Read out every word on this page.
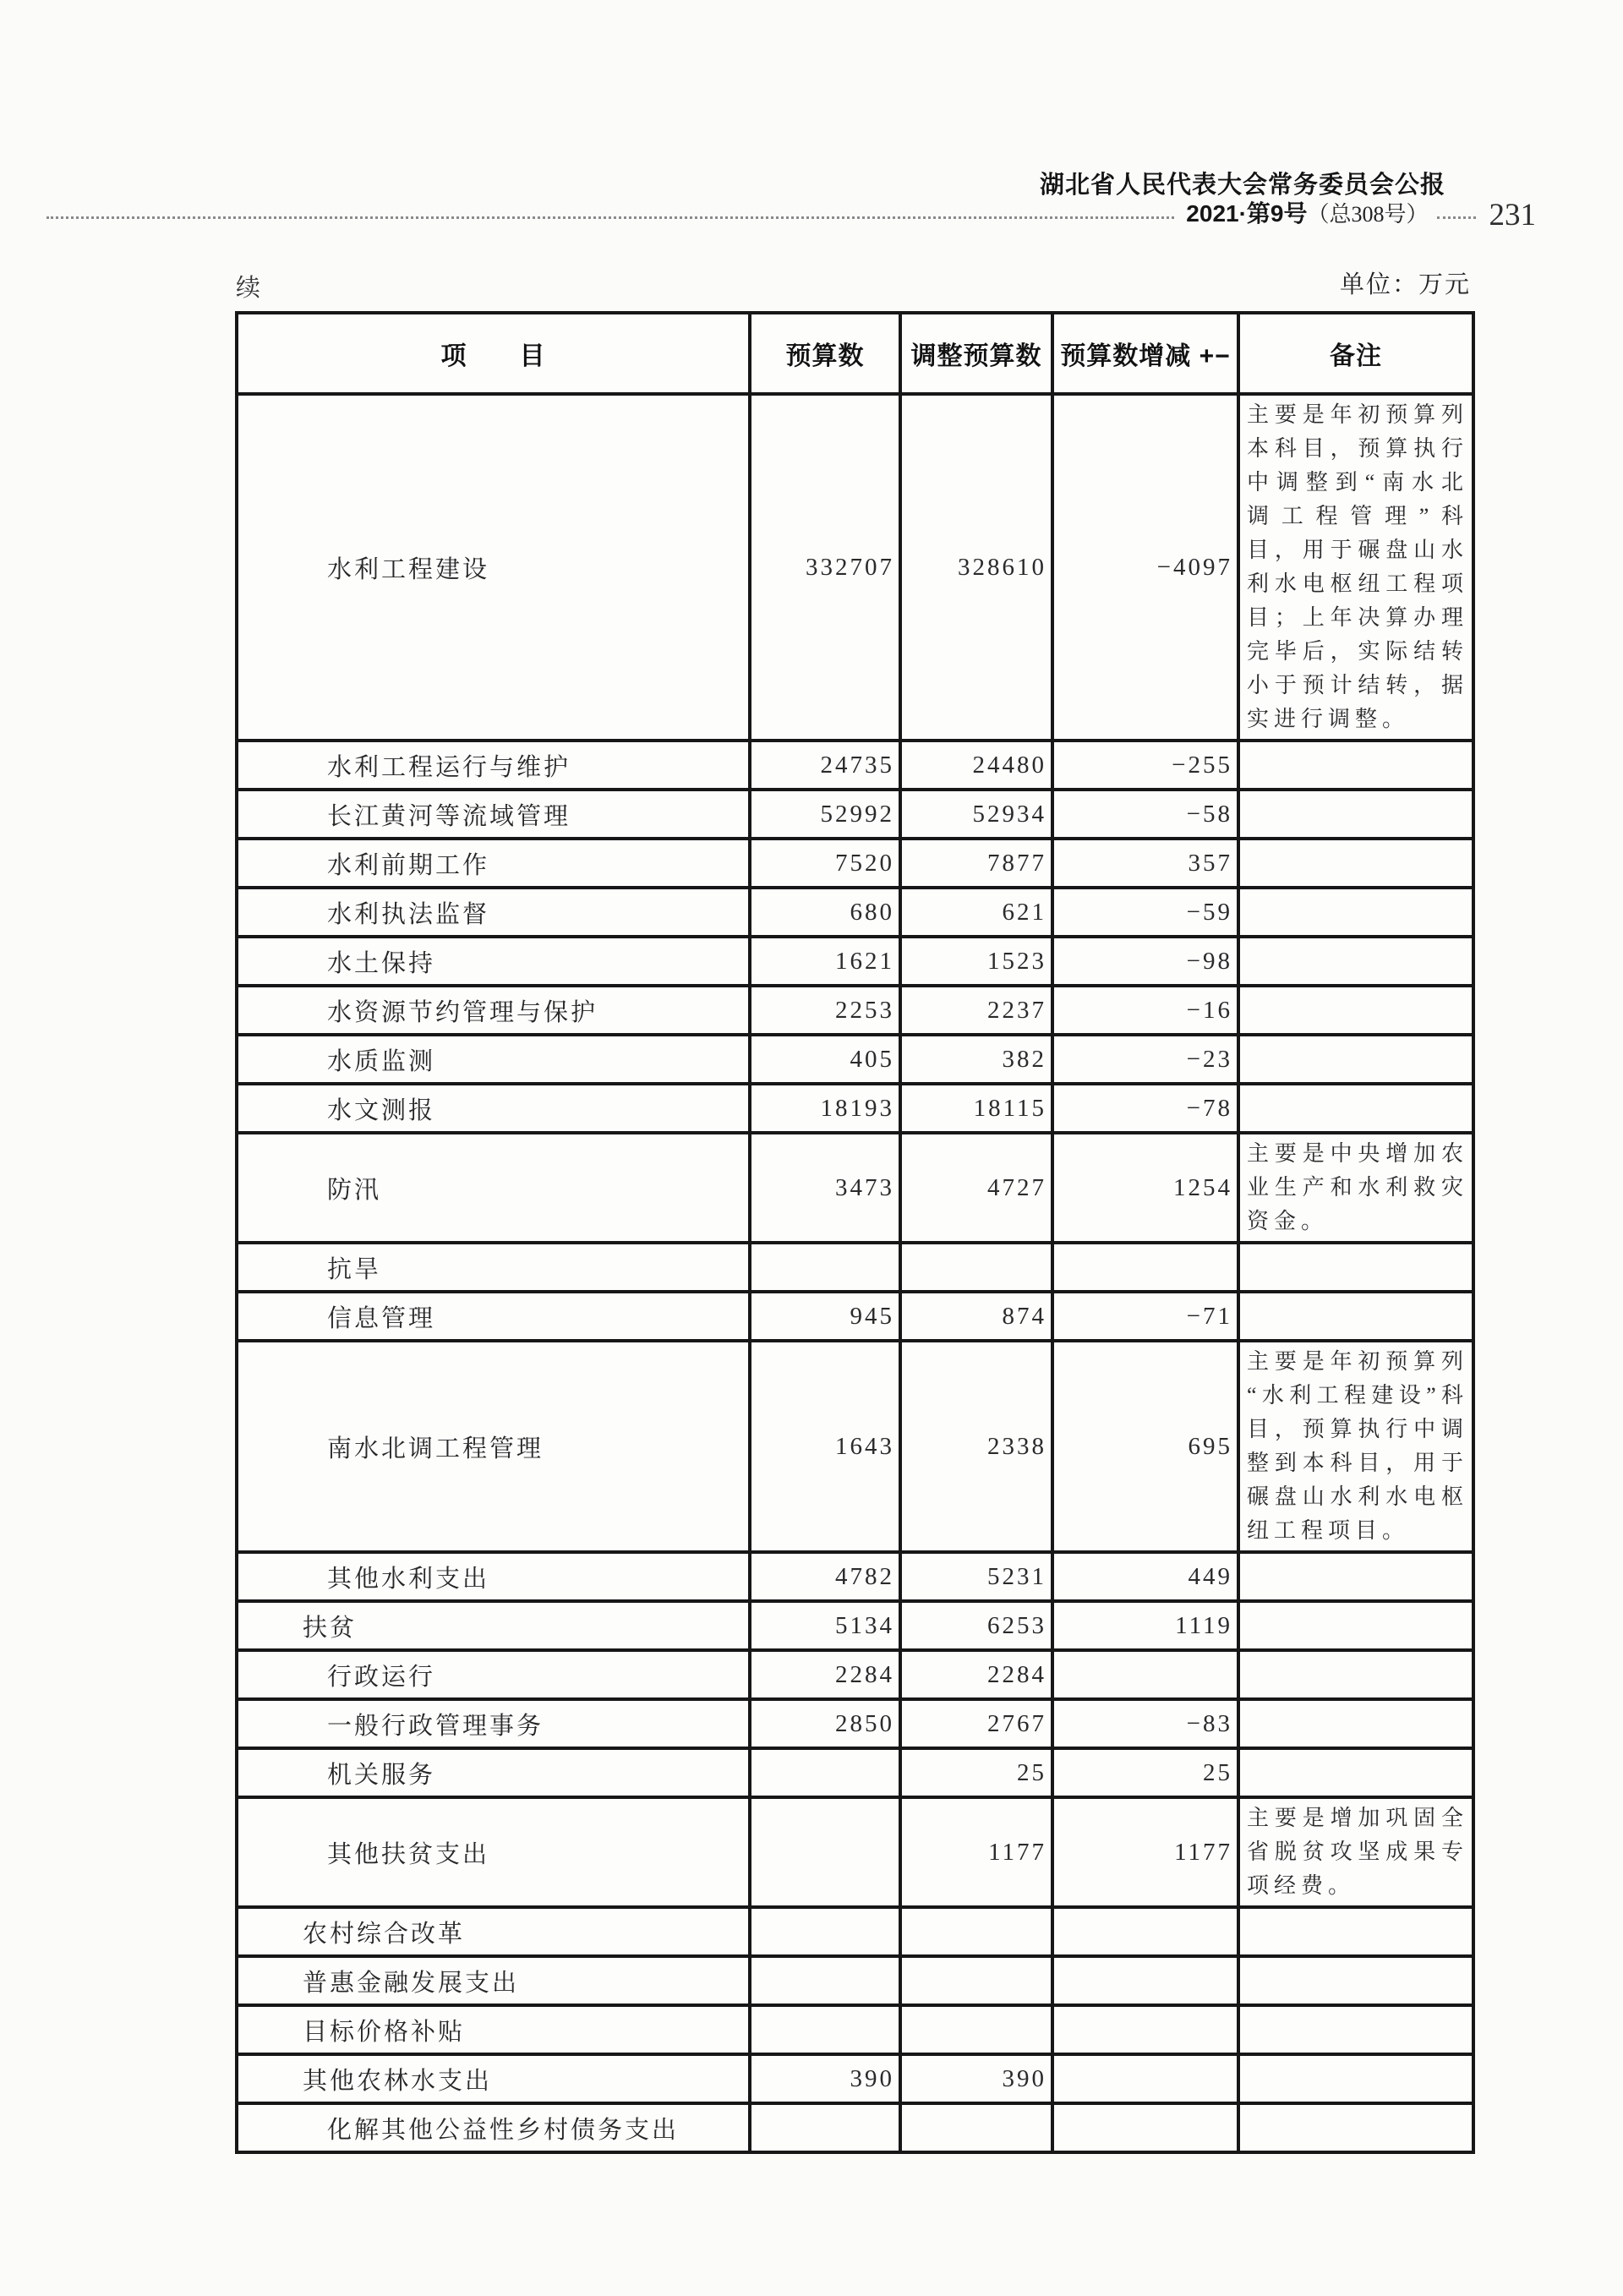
湖北省人民代表大会常务委员会公报
2021·第9号（总308号）	231
续	单位：万元
项　　目	预算数	调整预算数	预算数增减 +−	备注
水利工程建设	332707	328610	−4097	主要是年初预算列本科目，预算执行中调整到“南水北调工程管理”科目，用于碾盘山水利水电枢纽工程项目；上年决算办理完毕后，实际结转小于预计结转，据实进行调整。
水利工程运行与维护	24735	24480	−255	
长江黄河等流域管理	52992	52934	−58	
水利前期工作	7520	7877	357	
水利执法监督	680	621	−59	
水土保持	1621	1523	−98	
水资源节约管理与保护	2253	2237	−16	
水质监测	405	382	−23	
水文测报	18193	18115	−78	
防汛	3473	4727	1254	主要是中央增加农业生产和水利救灾资金。
抗旱				
信息管理	945	874	−71	
南水北调工程管理	1643	2338	695	主要是年初预算列“水利工程建设”科目，预算执行中调整到本科目，用于碾盘山水利水电枢纽工程项目。
其他水利支出	4782	5231	449	
扶贫	5134	6253	1119	
行政运行	2284	2284		
一般行政管理事务	2850	2767	−83	
机关服务		25	25	
其他扶贫支出		1177	1177	主要是增加巩固全省脱贫攻坚成果专项经费。
农村综合改革				
普惠金融发展支出				
目标价格补贴				
其他农林水支出	390	390		
化解其他公益性乡村债务支出				
